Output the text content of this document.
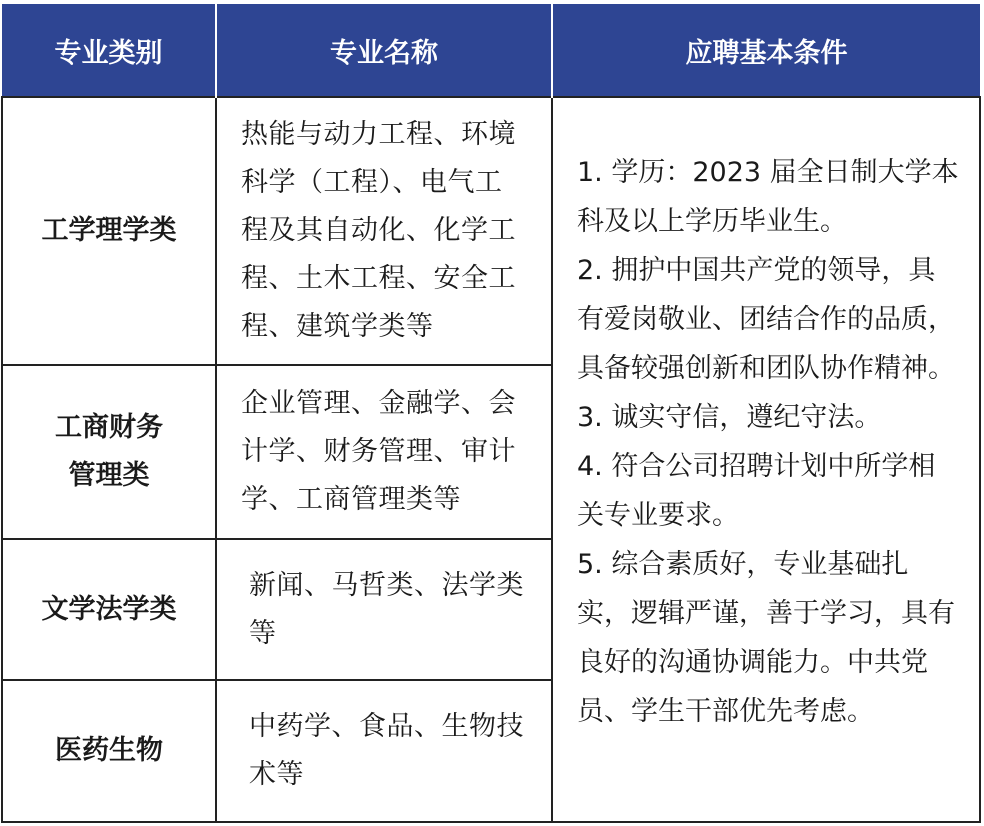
专业类别	专业名称	应聘基本条件
工学理学类	热能与动力工程、环境科学（工程）、电气工程及其自动化、化学工程、土木工程、安全工程、建筑学类等	1. 学历：2023 届全日制大学本科及以上学历毕业生。
2. 拥护中国共产党的领导，具有爱岗敬业、团结合作的品质，具备较强创新和团队协作精神。
3. 诚实守信，遵纪守法。
4. 符合公司招聘计划中所学相关专业要求。
5. 综合素质好，专业基础扎实，逻辑严谨，善于学习，具有良好的沟通协调能力。中共党员、学生干部优先考虑。

工商财务
管理类	企业管理、金融学、会计学、财务管理、审计学、工商管理类等	
文学法学类	新闻、马哲类、法学类等	
医药生物	中药学、食品、生物技术等	
